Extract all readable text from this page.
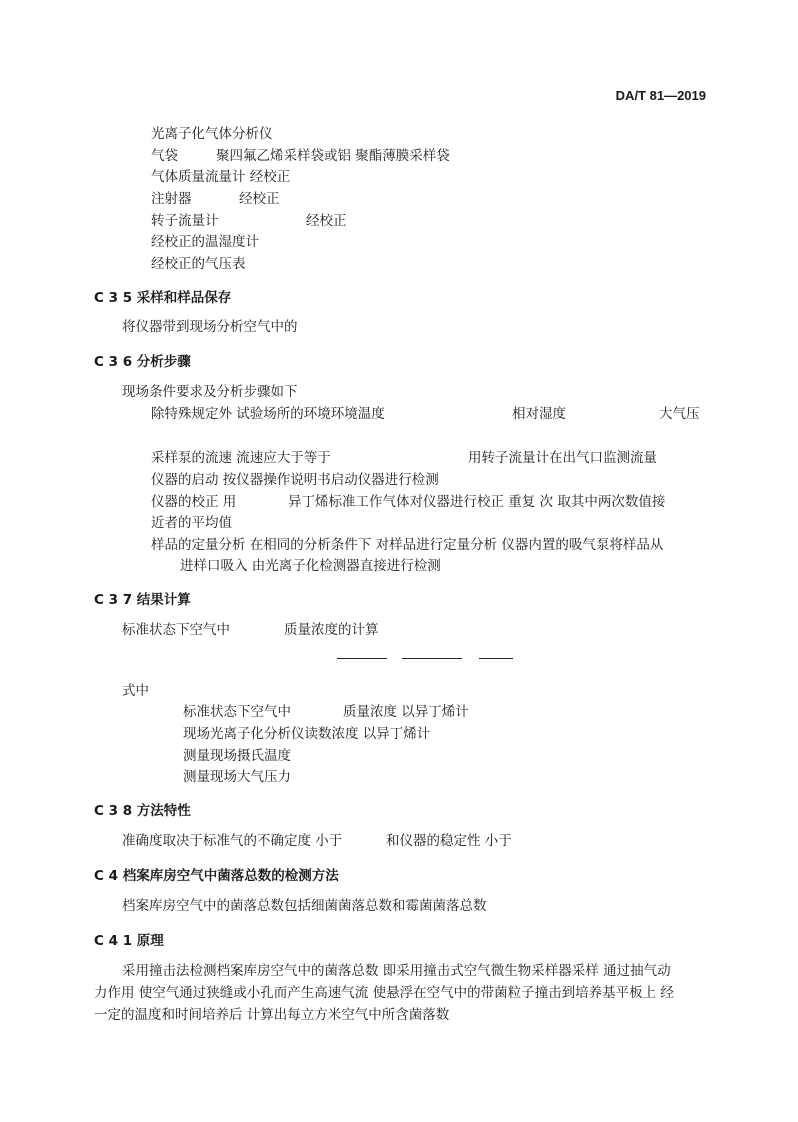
DA/T 81—2019
光离子化气体分析仪
气袋	聚四氟乙烯采样袋或铝 聚酯薄膜采样袋
气体质量流量计 经校正
注射器	经校正
转子流量计	经校正
经校正的温湿度计
经校正的气压表
C 3 5 采样和样品保存
将仪器带到现场分析空气中的
C 3 6 分析步骤
现场条件要求及分析步骤如下
除特殊规定外 试验场所的环境环境温度	相对湿度	大气压
采样泵的流速 流速应大于等于	用转子流量计在出气口监测流量
仪器的启动 按仪器操作说明书启动仪器进行检测
仪器的校正 用	异丁烯标准工作气体对仪器进行校正 重复 次 取其中两次数值接
近者的平均值
样品的定量分析 在相同的分析条件下 对样品进行定量分析 仪器内置的吸气泵将样品从
进样口吸入 由光离子化检测器直接进行检测
C 3 7 结果计算
标准状态下空气中	质量浓度的计算
式中
标准状态下空气中	质量浓度 以异丁烯计
现场光离子化分析仪读数浓度 以异丁烯计
测量现场摄氏温度
测量现场大气压力
C 3 8 方法特性
准确度取决于标准气的不确定度 小于	和仪器的稳定性 小于
C 4 档案库房空气中菌落总数的检测方法
档案库房空气中的菌落总数包括细菌菌落总数和霉菌菌落总数
C 4 1 原理
采用撞击法检测档案库房空气中的菌落总数 即采用撞击式空气微生物采样器采样 通过抽气动
力作用 使空气通过狭缝或小孔而产生高速气流 使悬浮在空气中的带菌粒子撞击到培养基平板上 经
一定的温度和时间培养后 计算出每立方米空气中所含菌落数
